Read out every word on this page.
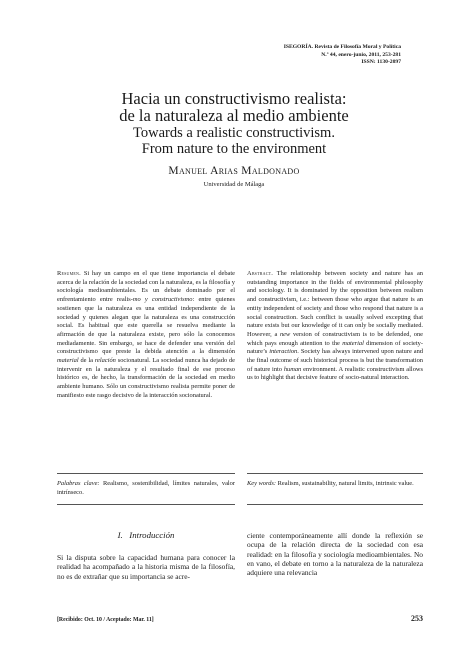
ISEGORÍA. Revista de Filosofía Moral y Política
N.º 44, enero-junio, 2011, 253-281
ISSN: 1130-2097
Hacia un constructivismo realista:
de la naturaleza al medio ambiente
Towards a realistic constructivism.
From nature to the environment
Manuel Arias Maldonado
Universidad de Málaga

Resumen. Si hay un campo en el que tiene importancia el debate acerca de la relación de la sociedad con la naturaleza, es la filosofía y sociología medioambientales. Es un debate dominado por el enfrentamiento entre realis-mo y constructivismo: entre quienes sostienen que la naturaleza es una entidad independiente de la sociedad y quienes alegan que la naturaleza es una construcción social. Es habitual que este querella se resuelva mediante la afirmación de que la naturaleza existe, pero sólo la conocemos mediadamente. Sin embargo, se hace de defender una versión del constructivismo que preste la debida atención a la dimensión material de la relación socionatural. La sociedad nunca ha dejado de intervenir en la naturaleza y el resultado final de ese proceso histórico es, de hecho, la transformación de la sociedad en medio ambiente humano. Sólo un constructivismo realista permite poner de manifiesto este rasgo decisivo de la interacción socionatural.

Abstract. The relationship between society and nature has an outstanding importance in the fields of environmental philosophy and sociology. It is dominated by the opposition between realism and constructivism, i.e.: between those who argue that nature is an entity independent of society and those who respond that nature is a social construction. Such conflict is usually solved excepting that nature exists but our knowledge of it can only be socially mediated. However, a new version of constructivism is to be defended, one which pays enough attention to the material dimension of society-nature’s interaction. Society has always intervened upon nature and the final outcome of such historical process is but the transformation of nature into human environment. A realistic constructivism allows us to highlight that decisive feature of socio-natural interaction.

Palabras clave: Realismo, sostenibilidad, límites naturales, valor intrínseco.

Key words: Realism, sustainability, natural limits, intrinsic value.

I.   Introducción
Si la disputa sobre la capacidad humana para conocer la realidad ha acompañado a la historia misma de la filosofía, no es de extrañar que su importancia se acre-
ciente contemporáneamente allí donde la reflexión se ocupa de la relación directa de la sociedad con esa realidad: en la filosofía y sociología medioambientales. No en vano, el debate en torno a la naturaleza de la naturaleza adquiere una relevancia
[Recibido: Oct. 10 / Aceptado: Mar. 11]	253
